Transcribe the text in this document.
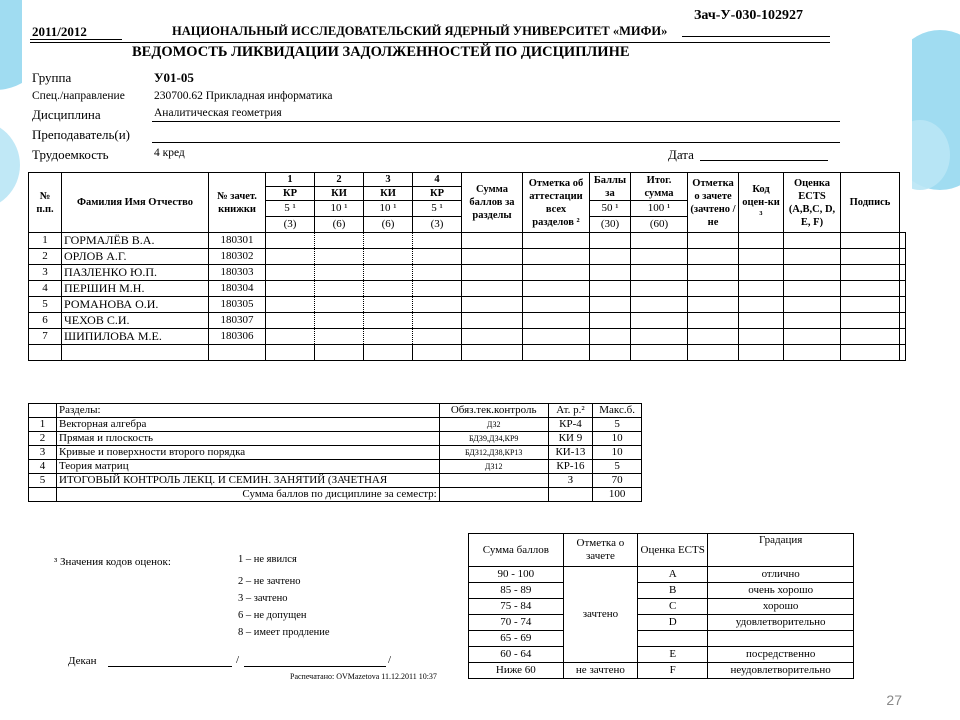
2011/2012	НАЦИОНАЛЬНЫЙ ИССЛЕДОВАТЕЛЬСКИЙ ЯДЕРНЫЙ УНИВЕРСИТЕТ «МИФИ»
Зач-У-030-102927
ВЕДОМОСТЬ ЛИКВИДАЦИИ ЗАДОЛЖЕННОСТЕЙ ПО ДИСЦИПЛИНЕ
Группа	У01-05
Спец./направление	230700.62 Прикладная информатика
Дисциплина	Аналитическая геометрия
Преподаватель(и)
Трудоемкость	4 кред	Дата
№ п.п.	Фамилия Имя Отчество	№ зачет. книжки	1	2	3	4	Сумма баллов за разделы	Отметка об аттестации всех разделов ²	Баллы за	Итог. сумма	Отметка о зачете (зачтено / не	Код оцен-ки ³	Оценка ECTS (A,B,C, D, E, F)	Подпись	
			КР	КИ	КИ	КР									
			5 ¹	10 ¹	10 ¹	5 ¹			50 ¹	100 ¹					
			(3)	(6)	(6)	(3)			(30)	(60)					
1	ГОРМАЛЁВ В.А.	180301													
2	ОРЛОВ А.Г.	180302													
3	ПАЗЛЕНКО Ю.П.	180303													
4	ПЕРШИН М.Н.	180304													
5	РОМАНОВА О.И.	180305													
6	ЧЕХОВ С.И.	180307													
7	ШИПИЛОВА М.Е.	180306													

	Разделы:	Обяз.тек.контроль	Ат. р.²	Макс.б.
1	Векторная алгебра	ДЗ2	КР-4	5
2	Прямая и плоскость	БДЗ9,ДЗ4,КР9	КИ 9	10
3	Кривые и поверхности второго порядка	БДЗ12,ДЗ8,КР13	КИ-13	10
4	Теория матриц	ДЗ12	КР-16	5
5	ИТОГОВЫЙ КОНТРОЛЬ ЛЕКЦ. И СЕМИН. ЗАНЯТИЙ (ЗАЧЕТНАЯ		З	70
	Сумма баллов по дисциплине за семестр:			100
³ Значения кодов оценок:	1 – не явился
2 – не зачтено
3 – зачтено
6 – не допущен
8 – имеет продление
Декан	/	/
Распечатано: OVMazetova 11.12.2011 10:37
Сумма баллов	Отметка о зачете	Оценка ECTS	Градация
90 - 100	зачтено	A	отлично
85 - 89		B	очень хорошо
75 - 84		C	хорошо
70 - 74		D	удовлетворительно
65 - 69			
60 - 64		E	посредственно
Ниже 60	не зачтено	F	неудовлетворительно
27
